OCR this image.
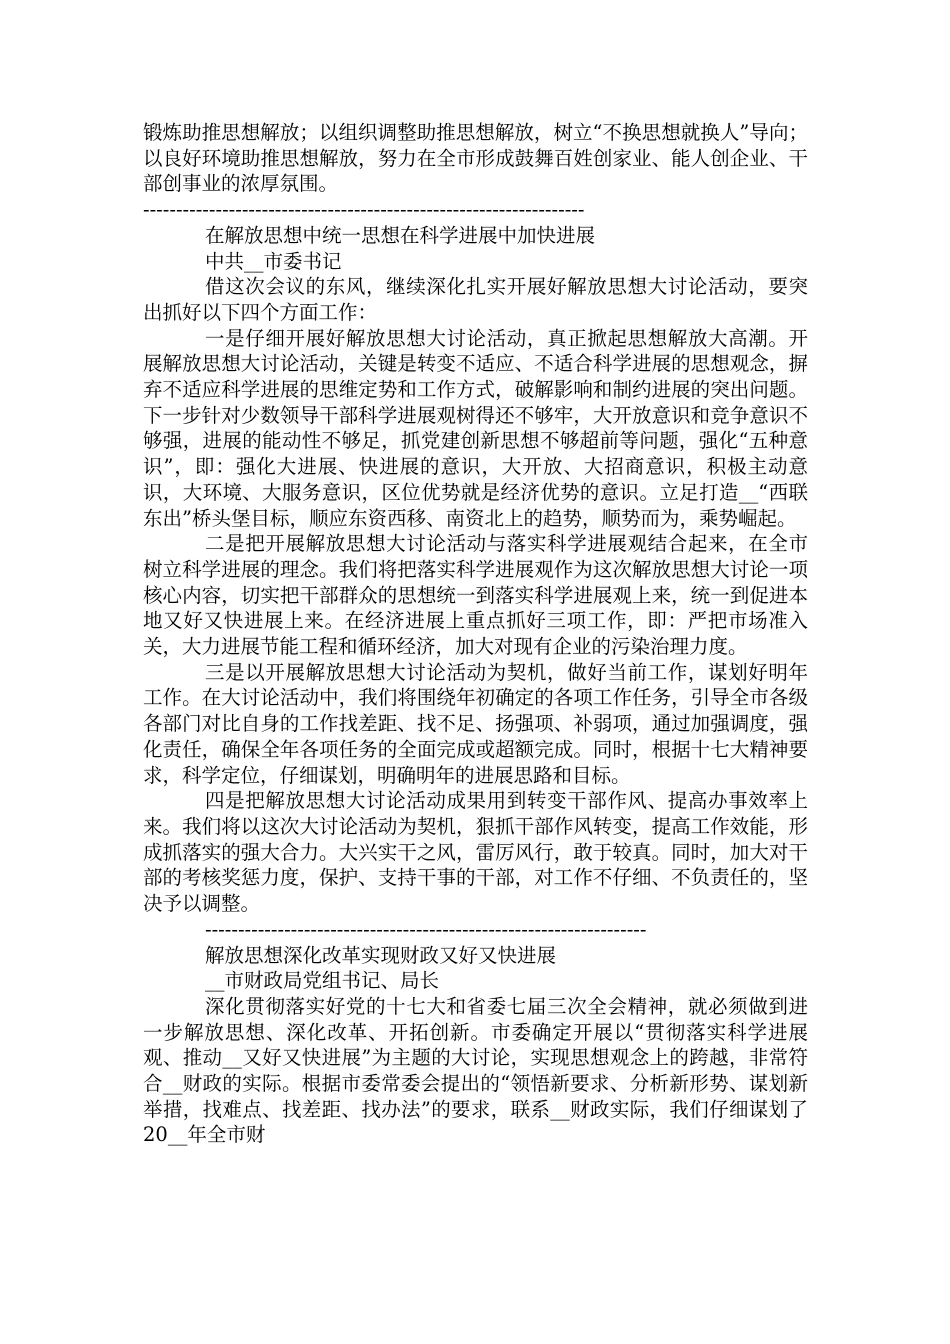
锻炼助推思想解放；以组织调整助推思想解放，树立“不换思想就换人”导向；以良好环境助推思想解放，努力在全市形成鼓舞百姓创家业、能人创企业、干部创事业的浓厚氛围。

-------------------------------------------------------------------

在解放思想中统一思想在科学进展中加快进展

中共__市委书记

借这次会议的东风，继续深化扎实开展好解放思想大讨论活动，要突出抓好以下四个方面工作：

一是仔细开展好解放思想大讨论活动，真正掀起思想解放大高潮。开展解放思想大讨论活动，关键是转变不适应、不适合科学进展的思想观念，摒弃不适应科学进展的思维定势和工作方式，破解影响和制约进展的突出问题。下一步针对少数领导干部科学进展观树得还不够牢，大开放意识和竞争意识不够强，进展的能动性不够足，抓党建创新思想不够超前等问题，强化“五种意识”，即：强化大进展、快进展的意识，大开放、大招商意识，积极主动意识，大环境、大服务意识，区位优势就是经济优势的意识。立足打造__“西联东出”桥头堡目标，顺应东资西移、南资北上的趋势，顺势而为，乘势崛起。

二是把开展解放思想大讨论活动与落实科学进展观结合起来，在全市树立科学进展的理念。我们将把落实科学进展观作为这次解放思想大讨论一项核心内容，切实把干部群众的思想统一到落实科学进展观上来，统一到促进本地又好又快进展上来。在经济进展上重点抓好三项工作，即：严把市场准入关，大力进展节能工程和循环经济，加大对现有企业的污染治理力度。

三是以开展解放思想大讨论活动为契机，做好当前工作，谋划好明年工作。在大讨论活动中，我们将围绕年初确定的各项工作任务，引导全市各级各部门对比自身的工作找差距、找不足、扬强项、补弱项，通过加强调度，强化责任，确保全年各项任务的全面完成或超额完成。同时，根据十七大精神要求，科学定位，仔细谋划，明确明年的进展思路和目标。

四是把解放思想大讨论活动成果用到转变干部作风、提高办事效率上来。我们将以这次大讨论活动为契机，狠抓干部作风转变，提高工作效能，形成抓落实的强大合力。大兴实干之风，雷厉风行，敢于较真。同时，加大对干部的考核奖惩力度，保护、支持干事的干部，对工作不仔细、不负责任的，坚决予以调整。

-------------------------------------------------------------------

解放思想深化改革实现财政又好又快进展

__市财政局党组书记、局长

深化贯彻落实好党的十七大和省委七届三次全会精神，就必须做到进一步解放思想、深化改革、开拓创新。市委确定开展以“贯彻落实科学进展观、推动__又好又快进展”为主题的大讨论，实现思想观念上的跨越，非常符合__财政的实际。根据市委常委会提出的“领悟新要求、分析新形势、谋划新举措，找难点、找差距、找办法”的要求，联系__财政实际，我们仔细谋划了 20__年全市财
